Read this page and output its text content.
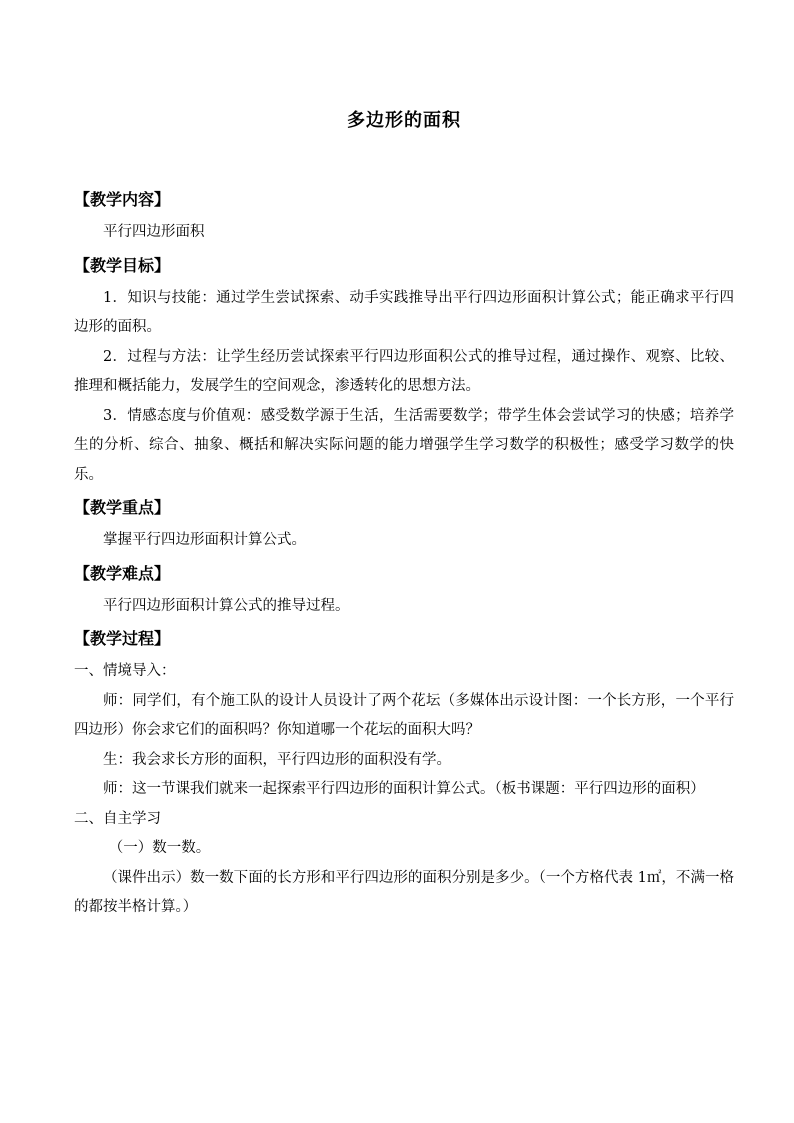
多边形的面积

【教学内容】

平行四边形面积

【教学目标】

1．知识与技能：通过学生尝试探索、动手实践推导出平行四边形面积计算公式；能正确求平行四边形的面积。

2．过程与方法：让学生经历尝试探索平行四边形面积公式的推导过程，通过操作、观察、比较、推理和概括能力，发展学生的空间观念，渗透转化的思想方法。

3．情感态度与价值观：感受数学源于生活，生活需要数学；带学生体会尝试学习的快感；培养学生的分析、综合、抽象、概括和解决实际问题的能力增强学生学习数学的积极性；感受学习数学的快乐。

【教学重点】

掌握平行四边形面积计算公式。

【教学难点】

平行四边形面积计算公式的推导过程。

【教学过程】

一、情境导入：

师：同学们，有个施工队的设计人员设计了两个花坛（多媒体出示设计图：一个长方形，一个平行四边形）你会求它们的面积吗？你知道哪一个花坛的面积大吗？

生：我会求长方形的面积，平行四边形的面积没有学。

师：这一节课我们就来一起探索平行四边形的面积计算公式。（板书课题：平行四边形的面积）

二、自主学习

（一）数一数。

（课件出示）数一数下面的长方形和平行四边形的面积分别是多少。（一个方格代表 1㎡，不满一格的都按半格计算。）
